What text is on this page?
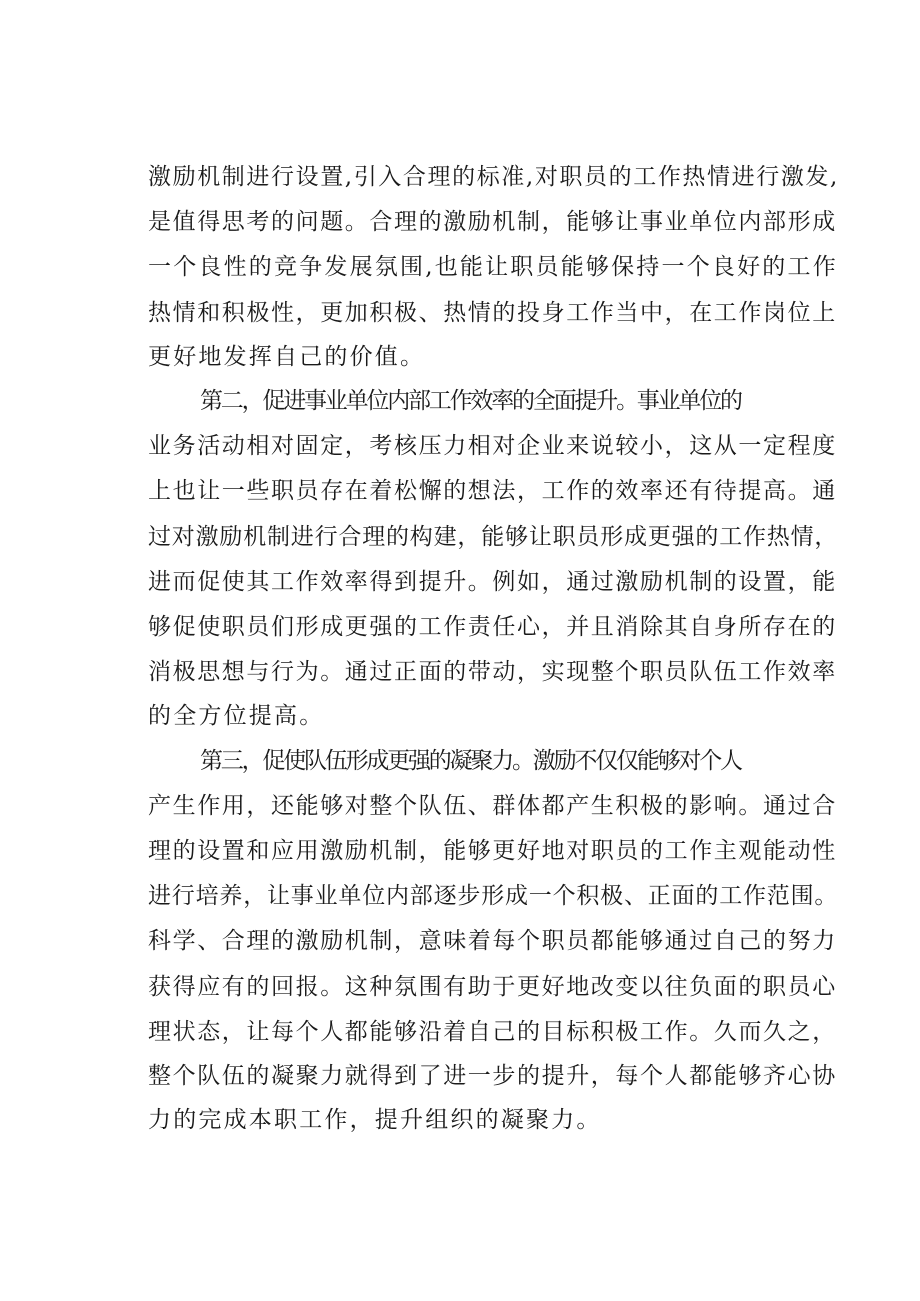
激励机制进行设置,引入合理的标准,对职员的工作热情进行激发,
是值得思考的问题。合理的激励机制，能够让事业单位内部形成
一个良性的竞争发展氛围,也能让职员能够保持一个良好的工作
热情和积极性，更加积极、热情的投身工作当中，在工作岗位上
更好地发挥自己的价值。
第二，促进事业单位内部工作效率的全面提升。事业单位的
业务活动相对固定，考核压力相对企业来说较小，这从一定程度
上也让一些职员存在着松懈的想法，工作的效率还有待提高。通
过对激励机制进行合理的构建，能够让职员形成更强的工作热情，
进而促使其工作效率得到提升。例如，通过激励机制的设置，能
够促使职员们形成更强的工作责任心，并且消除其自身所存在的
消极思想与行为。通过正面的带动，实现整个职员队伍工作效率
的全方位提高。
第三，促使队伍形成更强的凝聚力。激励不仅仅能够对个人
产生作用，还能够对整个队伍、群体都产生积极的影响。通过合
理的设置和应用激励机制，能够更好地对职员的工作主观能动性
进行培养，让事业单位内部逐步形成一个积极、正面的工作范围。
科学、合理的激励机制，意味着每个职员都能够通过自己的努力
获得应有的回报。这种氛围有助于更好地改变以往负面的职员心
理状态，让每个人都能够沿着自己的目标积极工作。久而久之，
整个队伍的凝聚力就得到了进一步的提升，每个人都能够齐心协
力的完成本职工作，提升组织的凝聚力。
